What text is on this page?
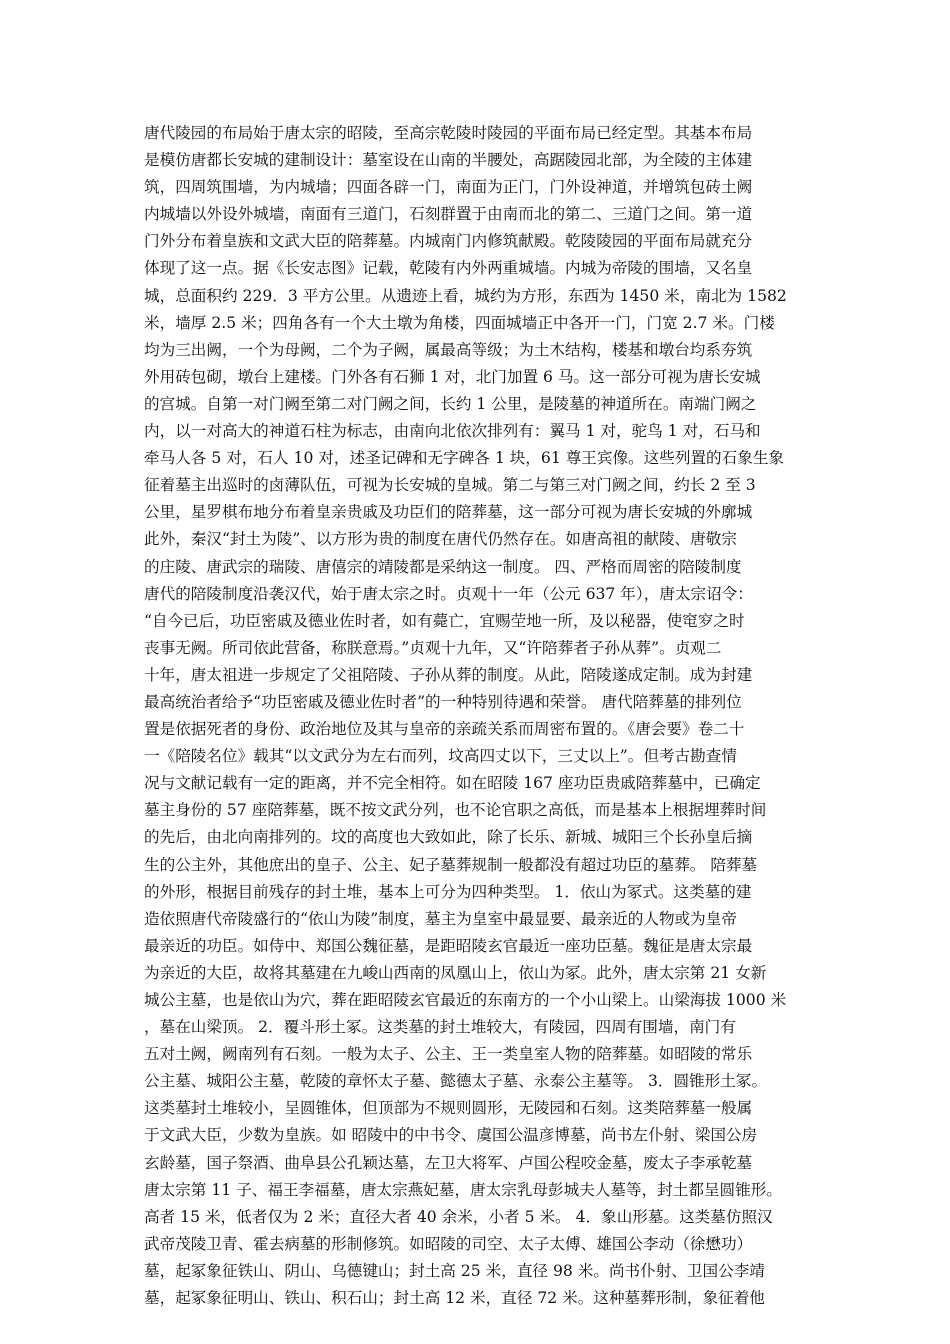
唐代陵园的布局始于唐太宗的昭陵，至高宗乾陵时陵园的平面布局已经定型。其基本布局
是模仿唐都长安城的建制设计：墓室设在山南的半腰处，高踞陵园北部，为全陵的主体建
筑，四周筑围墙，为内城墙；四面各辟一门，南面为正门，门外设神道，并增筑包砖土阙
内城墙以外设外城墙，南面有三道门，石刻群置于由南而北的第二、三道门之间。第一道
门外分布着皇族和文武大臣的陪葬墓。内城南门内修筑献殿。乾陵陵园的平面布局就充分
体现了这一点。据《长安志图》记载，乾陵有内外两重城墙。内城为帝陵的围墙，又名皇
城，总面积约 229．3 平方公里。从遗迹上看，城约为方形，东西为 1450 米，南北为 1582
米，墙厚 2.5 米；四角各有一个大土墩为角楼，四面城墙正中各开一门，门宽 2.7 米。门楼
均为三出阙，一个为母阙，二个为子阙，属最高等级；为土木结构，楼基和墩台均系夯筑
外用砖包砌，墩台上建楼。门外各有石狮 1 对，北门加置 6 马。这一部分可视为唐长安城
的宫城。自第一对门阙至第二对门阙之间，长约 1 公里，是陵墓的神道所在。南端门阙之
内，以一对高大的神道石柱为标志，由南向北依次排列有：翼马 1 对，驼鸟 1 对，石马和
牵马人各 5 对，石人 10 对，述圣记碑和无字碑各 1 块，61 尊王宾像。这些列置的石象生象
征着墓主出巡时的卤薄队伍，可视为长安城的皇城。第二与第三对门阙之间，约长 2 至 3
公里，星罗棋布地分布着皇亲贵戚及功臣们的陪葬墓，这一部分可视为唐长安城的外廓城
此外，秦汉“封土为陵”、以方形为贵的制度在唐代仍然存在。如唐高祖的献陵、唐敬宗
的庄陵、唐武宗的瑞陵、唐僖宗的靖陵都是采纳这一制度。 四、严格而周密的陪陵制度
唐代的陪陵制度沿袭汉代，始于唐太宗之时。贞观十一年（公元 637 年），唐太宗诏令：
“自今已后，功臣密戚及德业佐时者，如有薨亡，宜赐茔地一所，及以秘器，使窀穸之时
丧事无阙。所司依此营备，称朕意焉。”贞观十九年，又“许陪葬者子孙从葬”。贞观二
十年，唐太祖进一步规定了父祖陪陵、子孙从葬的制度。从此，陪陵遂成定制。成为封建
最高统治者给予“功臣密戚及德业佐时者”的一种特别待遇和荣誉。 唐代陪葬墓的排列位
置是依据死者的身份、政治地位及其与皇帝的亲疏关系而周密布置的。《唐会要》卷二十
一《陪陵名位》载其“以文武分为左右而列，坟高四丈以下，三丈以上”。但考古勘查情
况与文献记载有一定的距离，并不完全相符。如在昭陵 167 座功臣贵戚陪葬墓中，已确定
墓主身份的 57 座陪葬墓，既不按文武分列，也不论官职之高低，而是基本上根据埋葬时间
的先后，由北向南排列的。坟的高度也大致如此，除了长乐、新城、城阳三个长孙皇后摘
生的公主外，其他庶出的皇子、公主、妃子墓葬规制一般都没有超过功臣的墓葬。 陪葬墓
的外形，根据目前残存的封土堆，基本上可分为四种类型。 1．依山为冢式。这类墓的建
造依照唐代帝陵盛行的“依山为陵”制度，墓主为皇室中最显要、最亲近的人物或为皇帝
最亲近的功臣。如侍中、郑国公魏征墓，是距昭陵玄官最近一座功臣墓。魏征是唐太宗最
为亲近的大臣，故将其墓建在九峻山西南的凤凰山上，依山为冢。此外，唐太宗第 21 女新
城公主墓，也是依山为穴，葬在距昭陵玄官最近的东南方的一个小山梁上。山梁海拔 1000 米
，墓在山梁顶。 2．覆斗形土冢。这类墓的封土堆较大，有陵园，四周有围墙，南门有
五对土阙，阙南列有石刻。一般为太子、公主、王一类皇室人物的陪葬墓。如昭陵的常乐
公主墓、城阳公主墓，乾陵的章怀太子墓、懿德太子墓、永泰公主墓等。 3．圆锥形土冢。
这类墓封土堆较小，呈圆锥体，但顶部为不规则圆形，无陵园和石刻。这类陪葬墓一般属
于文武大臣，少数为皇族。如 昭陵中的中书令、虞国公温彦博墓，尚书左仆射、梁国公房
玄龄墓，国子祭酒、曲阜县公孔颖达墓，左卫大将军、卢国公程咬金墓，废太子李承乾墓
唐太宗第 11 子、福王李福墓，唐太宗燕妃墓，唐太宗乳母彭城夫人墓等，封土都呈圆锥形。
高者 15 米，低者仅为 2 米；直径大者 40 余米，小者 5 米。 4．象山形墓。这类墓仿照汉
武帝茂陵卫青、霍去病墓的形制修筑。如昭陵的司空、太子太傅、雄国公李动（徐懋功）
墓，起冢象征铁山、阴山、乌德键山；封土高 25 米，直径 98 米。尚书仆射、卫国公李靖
墓，起冢象征明山、铁山、积石山；封土高 12 米，直径 72 米。这种墓葬形制，象征着他
